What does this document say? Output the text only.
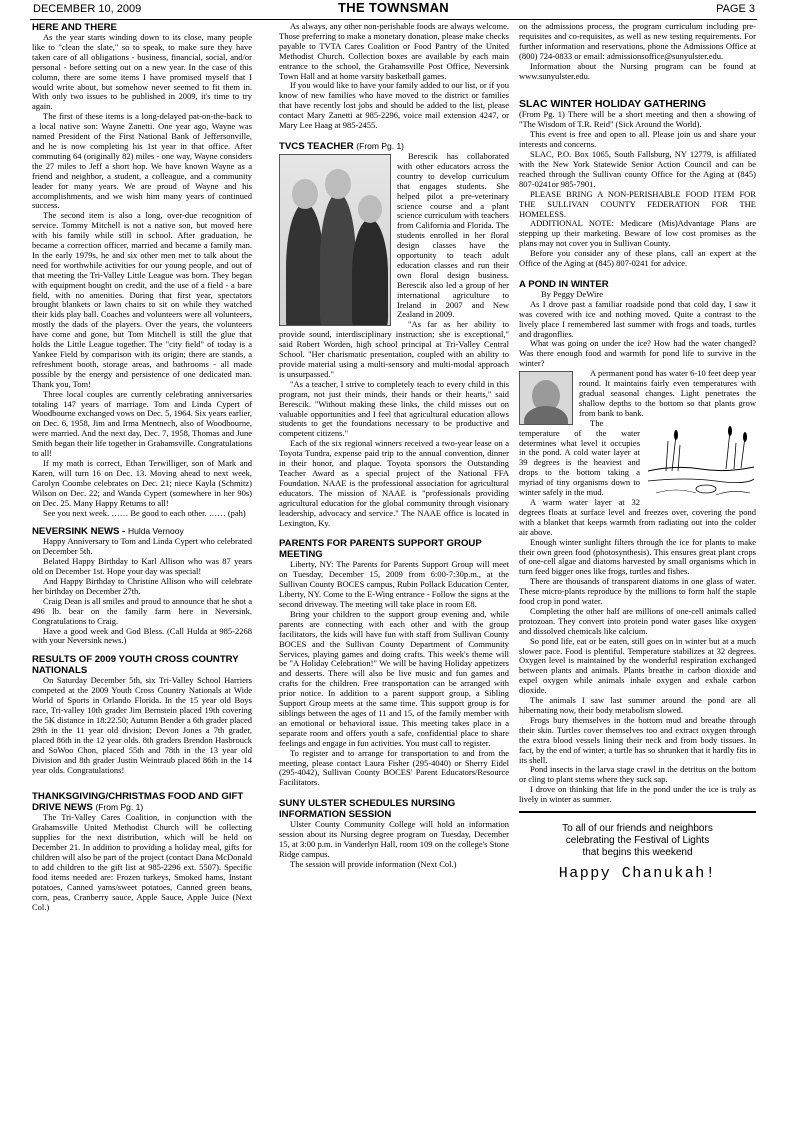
DECEMBER 10, 2009	THE TOWNSMAN	PAGE 3
HERE AND THERE

As the year starts winding down to its close, many people like to "clean the slate," so to speak, to make sure they have taken care of all obligations - business, financial, social, and/or personal - before setting out on a new year. In the case of this column, there are some items I have promised myself that I would write about, but somehow never seemed to fit them in. With only two issues to be published in 2009, it's time to try again.

The first of these items is a long-delayed pat-on-the-back to a local native son: Wayne Zanetti. One year ago, Wayne was named President of the First National Bank of Jeffersonville, and he is now completing his 1st year in that office. After commuting 64 (originally 82) miles - one way, Wayne considers the 27 miles to Jeff a short hop. We have known Wayne as a friend and neighbor, a student, a colleague, and a community leader for many years. We are proud of Wayne and his accomplishments, and we wish him many years of continued success.

The second item is also a long, over-due recognition of service. Tommy Mitchell is not a native son, but moved here with his family while still in school. After graduation, he became a correction officer, married and became a family man. In the early 1979s, he and six other men met to talk about the need for worthwhile activities for our young people, and out of that meeting the Tri-Valley Little League was born. They began with equipment bought on credit, and the use of a field - a bare field, with no amenities. During that first year, spectators brought blankets or lawn chairs to sit on while they watched their kids play ball. Coaches and volunteers were all volunteers, mostly the dads of the players. Over the years, the volunteers have come and gone, but Tom Mitchell is still the glue that holds the Little League together. The "city field" of today is a Yankee Field by comparison with its origin; there are stands, a refreshment booth, storage areas, and bathrooms - all made possible by the energy and persistence of one dedicated man. Thank you, Tom!

Three local couples are currently celebrating anniversaries totaling 147 years of marriage. Tom and Linda Cypert of Woodbourne exchanged vows on Dec. 5, 1964. Six years earlier, on Dec. 6, 1958, Jim and Irma Mentnech, also of Woodbourne, were married. And the next day, Dec. 7, 1958, Thomas and June Smith began their life together in Grahamsville. Congratulations to all!

If my math is correct, Ethan Terwilliger, son of Mark and Karen, will turn 16 on Dec. 13. Moving ahead to next week, Carolyn Coombe celebrates on Dec. 21; niece Kayla (Schmitz) Wilson on Dec. 22; and Wanda Cypert (somewhere in her 90s) on Dec. 25. Many Happy Returns to all!

See you next week. …… Be good to each other. …… (pah)

NEVERSINK NEWS - Hulda Vernooy

Happy Anniversary to Tom and Linda Cypert who celebrated on December 5th.

Belated Happy Birthday to Karl Allison who was 87 years old on December 1st. Hope your day was special!

And Happy Birthday to Christine Allison who will celebrate her birthday on December 27th.

Craig Dean is all smiles and proud to announce that he shot a 496 lb. bear on the family farm here in Neversink. Congratulations to Craig.

Have a good week and God Bless. (Call Hulda at 985-2268 with your Neversink news.)

RESULTS OF 2009 YOUTH CROSS COUNTRY NATIONALS

On Saturday December 5th, six Tri-Valley School Harriers competed at the 2009 Youth Cross Country Nationals at Wide World of Sports in Orlando Florida. In the 15 year old Boys race, Tri-valley 10th grader Jim Bernstein placed 19th covering the 5K distance in 18:22.50; Autumn Bender a 6th grader placed 29th in the 11 year old division; Devon Jones a 7th grader, placed 86th in the 12 year olds. 8th graders Brendon Hasbrouck and SoWoo Chon, placed 55th and 78th in the 13 year old Division and 8th grader Justin Weintraub placed 86th in the 14 year olds. Congratulations!

THANKSGIVING/CHRISTMAS FOOD AND GIFT DRIVE NEWS (From Pg. 1)

The Tri-Valley Cares Coalition, in conjunction with the Grahamsville United Methodist Church will be collecting supplies for the next distribution, which will be held on December 21. In addition to providing a holiday meal, gifts for children will also be part of the project (contact Dana McDonald to add children to the gift list at 985-2296 ext. 5507). Specific food items needed are: Frozen turkeys, Smoked hams, Instant potatoes, Canned yams/sweet potatoes, Canned green beans, corn, peas, Cranberry sauce, Apple Sauce, Apple Juice (Next Col.)

As always, any other non-perishable foods are always welcome. Those preferring to make a monetary donation, please make checks payable to TVTA Cares Coalition or Food Pantry of the United Methodist Church. Collection boxes are available by each main entrance to the school, the Grahamsville Post Office, Neversink Town Hall and at home varsity basketball games.

If you would like to have your family added to our list, or if you know of new families who have moved to the district or families that have recently lost jobs and should be added to the list, please contact Mary Zanetti at 985-2296, voice mail extension 4247, or Mary Lee Haag at 985-2455.

TVCS TEACHER (From Pg. 1)

Berescik has collaborated with other educators across the country to develop curriculum that engages students. She helped pilot a pre-veterinary science course and a plant science curriculum with teachers from California and Florida. The students enrolled in her floral design classes have the opportunity to teach adult education classes and run their own floral design business. Berescik also led a group of her international agriculture to Ireland in 2007 and New Zealand in 2009.

"As far as her ability to provide sound, interdisciplinary instruction; she is exceptional," said Robert Worden, high school principal at Tri-Valley Central School. "Her charismatic presentation, coupled with an ability to provide material using a multi-sensory and multi-modal approach is unsurpassed."

"As a teacher, I strive to completely teach to every child in this program, not just their minds, their hands or their hearts," said Berescik. "Without making these links, the child misses out on valuable opportunities and I feel that agricultural education allows students to get the foundations necessary to be productive and competent citizens."

Each of the six regional winners received a two-year lease on a Toyota Tundra, expense paid trip to the annual convention, dinner in their honor, and plaque. Toyota sponsors the Outstanding Teacher Award as a special project of the National FFA Foundation. NAAE is the professional association for agricultural educators. The mission of NAAE is "professionals providing agricultural education for the global community through visionary leadership, advocacy and service." The NAAE office is located in Lexington, Ky.

PARENTS FOR PARENTS SUPPORT GROUP MEETING

Liberty, NY: The Parents for Parents Support Group will meet on Tuesday, December 15, 2009 from 6:00-7:30p.m., at the Sullivan County BOCES campus, Rubin Pollack Education Center, Liberty, NY. Come to the E-Wing entrance - Follow the signs at the second driveway. The meeting will take place in room E8.

Bring your children to the support group evening and, while parents are connecting with each other and with the group facilitators, the kids will have fun with staff from Sullivan County BOCES and the Sullivan County Department of Community Services, playing games and doing crafts. This week's theme will be "A Holiday Celebration!" We will be having Holiday appetizers and desserts. There will also be live music and fun games and crafts for the children. Free transportation can be arranged with prior notice. In addition to a parent support group, a Sibling Support Group meets at the same time. This support group is for siblings between the ages of 11 and 15, of the family member with an emotional or behavioral issue. This meeting takes place in a separate room and offers youth a safe, confidential place to share feelings and engage in fun activities. You must call to register.

To register and to arrange for transportation to and from the meeting, please contact Laura Fisher (295-4040) or Sherry Eidel (295-4042), Sullivan County BOCES' Parent Educators/Resource Facilitators.

SUNY ULSTER SCHEDULES NURSING INFORMATION SESSION

Ulster County Community College will hold an information session about its Nursing degree program on Tuesday, December 15, at 3:00 p.m. in Vanderlyn Hall, room 109 on the college's Stone Ridge campus.

The session will provide information (Next Col.)

on the admissions process, the program curriculum including pre-requisites and co-requisites, as well as new testing requirements. For further information and reservations, phone the Admissions Office at (800) 724-0833 or email: admissionsoffice@sunyulster.edu.

Information about the Nursing program can be found at www.sunyulster.edu.

SLAC WINTER HOLIDAY GATHERING

(From Pg. 1) There will be a short meeting and then a showing of "The Wisdom of T.R. Reid" (Sick Around the World).

This event is free and open to all. Please join us and share your interests and concerns.

SLAC, P.O. Box 1065, South Fallsburg, NY 12779, is affiliated with the New York Statewide Senior Action Council and can be reached through the Sullivan county Office for the Aging at (845) 807-0241or 985-7901.

PLEASE BRING A NON-PERISHABLE FOOD ITEM FOR THE SULLIVAN COUNTY FEDERATION FOR THE HOMELESS.

ADDITIONAL NOTE: Medicare (Mis)Advantage Plans are stepping up their marketing. Beware of low cost promises as the plans may not cover you in Sullivan County.

Before you consider any of these plans, call an expert at the Office of the Aging at (845) 807-0241 for advice.

A POND IN WINTER

By Peggy DeWire

As I drove past a familiar roadside pond that cold day, I saw it was covered with ice and nothing moved. Quite a contrast to the lively place I remembered last summer with frogs and toads, turtles and dragonflies.

What was going on under the ice? How had the water changed? Was there enough food and warmth for pond life to survive in the winter?

A permanent pond has water 6-10 feet deep year round. It maintains fairly even temperatures with gradual seasonal changes. Light penetrates the shallow depths to the bottom so that plants grow from bank to bank.

The temperature of the water determines what level it occupies in the pond. A cold water layer at 39 degrees is the heaviest and drops to the bottom taking a myriad of tiny organisms down to winter safely in the mud.

A warm water layer at 32 degrees floats at surface level and freezes over, covering the pond with a blanket that keeps warmth from radiating out into the colder air above.

Enough winter sunlight filters through the ice for plants to make their own green food (photosynthesis). This ensures great plant crops of one-cell algae and diatoms harvested by small organisms which in turn feed bigger ones like frogs, turtles and fishes.

There are thousands of transparent diatoms in one glass of water. These micro-plants reproduce by the millions to form half the staple food crop in pond water.

Completing the other half are millions of one-cell animals called protozoan. They convert into protein pond water gases like oxygen and dissolved chemicals like calcium.

So pond life, eat or be eaten, still goes on in winter but at a much slower pace. Food is plentiful. Temperature stabilizes at 32 degrees. Oxygen level is maintained by the wonderful respiration exchanged between plants and animals. Plants breathe in carbon dioxide and expel oxygen while animals inhale oxygen and exhale carbon dioxide.

The animals I saw last summer around the pond are all hibernating now, their body metabolism slowed.

Frogs bury themselves in the bottom mud and breathe through their skin. Turtles cover themselves too and extract oxygen through the extra blood vessels lining their neck and from body tissues. In fact, by the end of winter, a turtle has so shrunken that it hardly fits in its shell.

Pond insects in the larva stage crawl in the detritus on the bottom or cling to plant stems where they suck sap.

I drove on thinking that life in the pond under the ice is truly as lively in winter as summer.

To all of our friends and neighbors
celebrating the Festival of Lights
that begins this weekend
Happy Chanukah!
